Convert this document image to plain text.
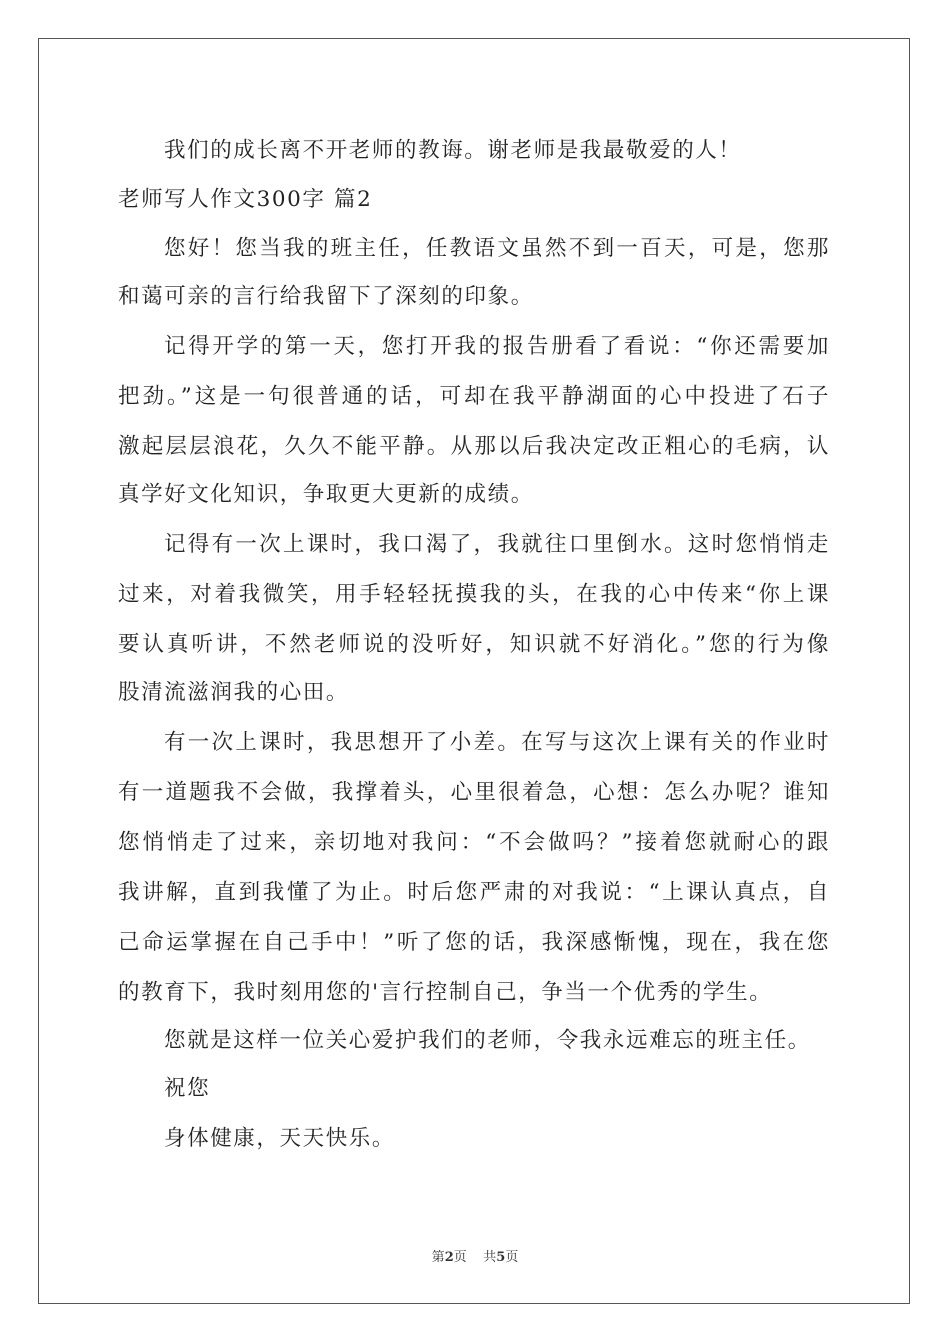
我们的成长离不开老师的教诲。谢老师是我最敬爱的人！
老师写人作文300字 篇2
您好！您当我的班主任，任教语文虽然不到一百天，可是，您那
和蔼可亲的言行给我留下了深刻的印象。
记得开学的第一天，您打开我的报告册看了看说：“你还需要加
把劲。”这是一句很普通的话，可却在我平静湖面的心中投进了石子
激起层层浪花，久久不能平静。从那以后我决定改正粗心的毛病，认
真学好文化知识，争取更大更新的成绩。
记得有一次上课时，我口渴了，我就往口里倒水。这时您悄悄走
过来，对着我微笑，用手轻轻抚摸我的头，在我的心中传来“你上课
要认真听讲，不然老师说的没听好，知识就不好消化。”您的行为像
股清流滋润我的心田。
有一次上课时，我思想开了小差。在写与这次上课有关的作业时
有一道题我不会做，我撑着头，心里很着急，心想：怎么办呢？谁知
您悄悄走了过来，亲切地对我问：“不会做吗？”接着您就耐心的跟
我讲解，直到我懂了为止。时后您严肃的对我说：“上课认真点，自
己命运掌握在自己手中！”听了您的话，我深感惭愧，现在，我在您
的教育下，我时刻用您的'言行控制自己，争当一个优秀的学生。
您就是这样一位关心爱护我们的老师，令我永远难忘的班主任。
祝您
身体健康，天天快乐。
第2页    共5页
